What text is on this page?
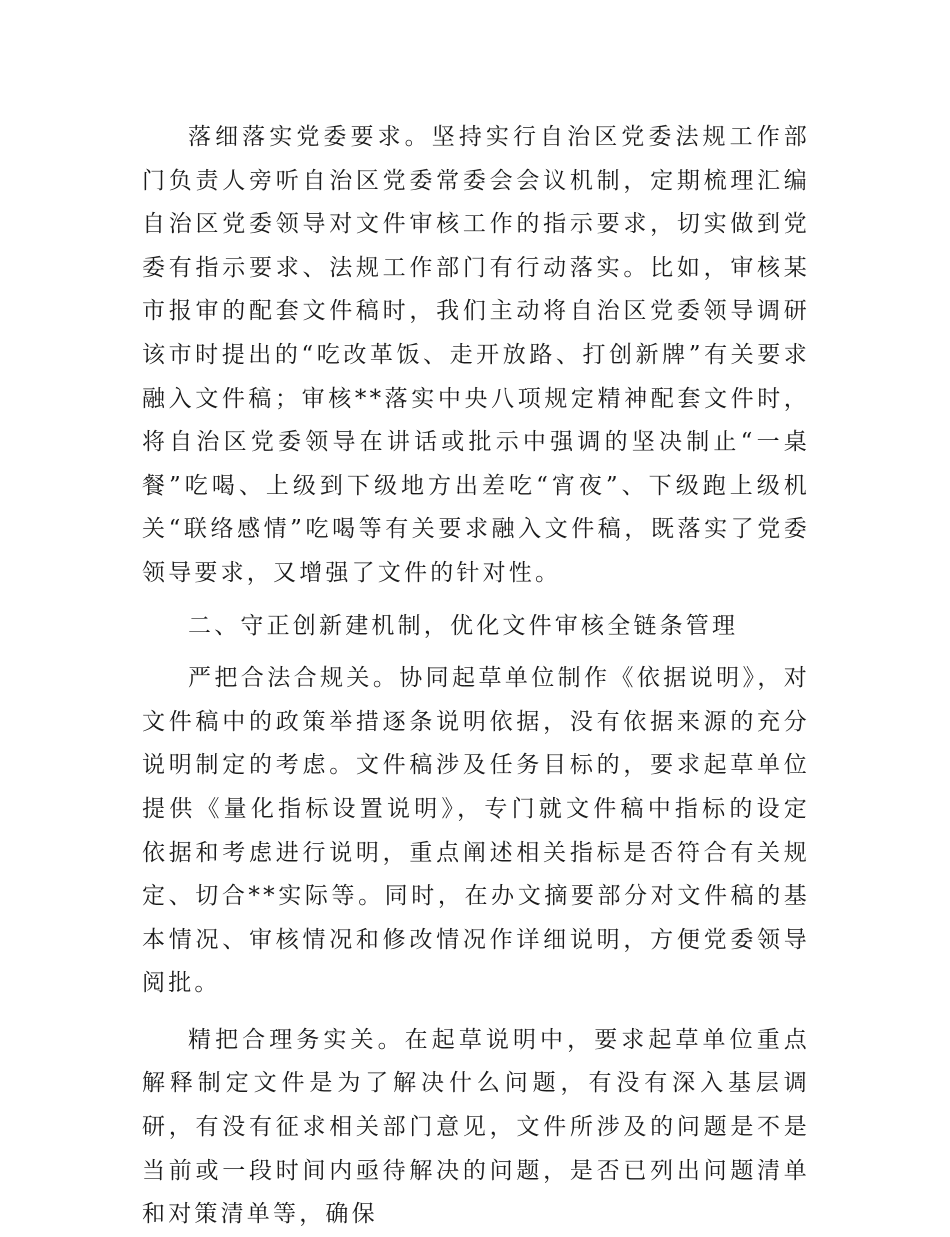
落细落实党委要求。坚持实行自治区党委法规工作部门负责人旁听自治区党委常委会会议机制，定期梳理汇编自治区党委领导对文件审核工作的指示要求，切实做到党委有指示要求、法规工作部门有行动落实。比如，审核某市报审的配套文件稿时，我们主动将自治区党委领导调研该市时提出的“吃改革饭、走开放路、打创新牌”有关要求融入文件稿；审核**落实中央八项规定精神配套文件时，将自治区党委领导在讲话或批示中强调的坚决制止“一桌餐”吃喝、上级到下级地方出差吃“宵夜”、下级跑上级机关“联络感情”吃喝等有关要求融入文件稿，既落实了党委领导要求，又增强了文件的针对性。

二、守正创新建机制，优化文件审核全链条管理

严把合法合规关。协同起草单位制作《依据说明》，对文件稿中的政策举措逐条说明依据，没有依据来源的充分说明制定的考虑。文件稿涉及任务目标的，要求起草单位提供《量化指标设置说明》，专门就文件稿中指标的设定依据和考虑进行说明，重点阐述相关指标是否符合有关规定、切合**实际等。同时，在办文摘要部分对文件稿的基本情况、审核情况和修改情况作详细说明，方便党委领导阅批。

精把合理务实关。在起草说明中，要求起草单位重点解释制定文件是为了解决什么问题，有没有深入基层调研，有没有征求相关部门意见，文件所涉及的问题是不是当前或一段时间内亟待解决的问题，是否已列出问题清单和对策清单等，确保
